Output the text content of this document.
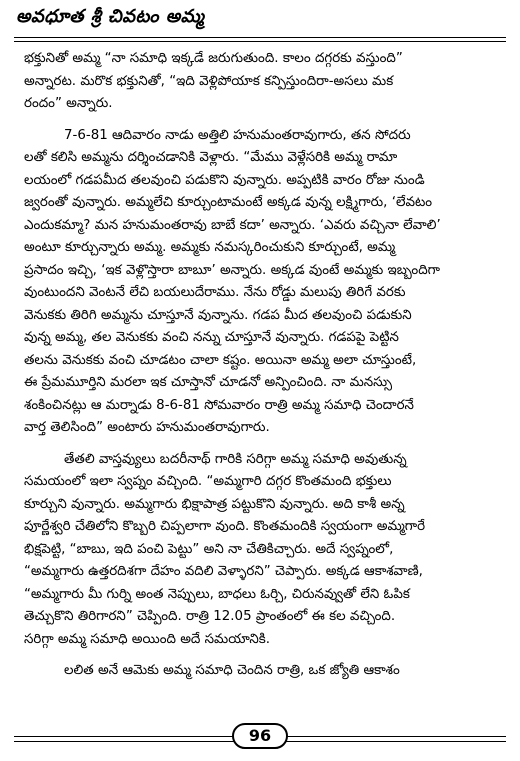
అవధూత శ్రీ చివటం అమ్మ

భక్తునితో అమ్మ “నా సమాధి ఇక్కడే జరుగుతుంది. కాలం దగ్గరకు వస్తుంది”
అన్నారట. మరొక భక్తునితో, “ఇది వెళ్లిపోయాక కన్పిస్తుందిరా-అసలు మక
రందం” అన్నారు.

7-6-81 ఆదివారం నాడు అత్తిలి హనుమంతరావుగారు, తన సోదరు
లతో కలిసి అమ్మను దర్శించడానికి వెళ్లారు. “మేము వెళ్లేసరికి అమ్మ రామా
లయంలో గడపమీద తలవుంచి పడుకొని వున్నారు. అప్పటికి వారం రోజు నుండి
జ్వరంతో వున్నారు. అమ్మలేచి కూర్చుంటామంటే అక్కడ వున్న లక్ష్మిగారు, ‘లేవటం
ఎందుకమ్మా? మన హనుమంతరావు బాబే కదా’ అన్నారు. ‘ఎవరు వచ్చినా లేవాలి’
అంటూ కూర్చున్నారు అమ్మ. అమ్మకు నమస్కరించుకుని కూర్చుంటే, అమ్మ
ప్రసాదం ఇచ్చి, ‘ఇక వెళ్లొస్తారా బాబూ’ అన్నారు. అక్కడ వుంటే అమ్మకు ఇబ్బందిగా
వుంటుందని వెంటనే లేచి బయలుదేరాము. నేను రోడ్డు మలుపు తిరిగే వరకు
వెనుకకు తిరిగి అమ్మను చూస్తూనే వున్నాను. గడప మీద తలవుంచి పడుకుని
వున్న అమ్మ, తల వెనుకకు వంచి నన్ను చూస్తూనే వున్నారు. గడపపై పెట్టిన
తలను వెనుకకు వంచి చూడటం చాలా కష్టం. అయినా అమ్మ అలా చూస్తుంటే,
ఈ ప్రేమమూర్తిని మరలా ఇక చూస్తానో చూడనో అన్పించింది. నా మనస్సు
శంకించినట్లు ఆ మర్నాడు 8-6-81 సోమవారం రాత్రి అమ్మ సమాధి చెందారనే
వార్త తెలిసింది” అంటారు హనుమంతరావుగారు.

తేతలి వాస్తవ్యులు బదరీనాథ్ గారికి సరిగ్గా అమ్మ సమాధి అవుతున్న
సమయంలో ఇలా స్వప్నం వచ్చింది. “అమ్మగారి దగ్గర కొంతమంది భక్తులు
కూర్చుని వున్నారు. అమ్మగారు భిక్షాపాత్ర పట్టుకొని వున్నారు. అది కాశీ అన్న
పూర్ణేశ్వరి చేతిలోని కొబ్బరి చిప్పలాగా వుంది. కొంతమందికి స్వయంగా అమ్మగారే
భిక్షపెట్టి, “బాబు, ఇది పంచి పెట్టు” అని నా చేతికిచ్చారు. అదే స్వప్నంలో,
“అమ్మగారు ఉత్తరదిశగా దేహం వదిలి వెళ్ళారని” చెప్పారు. అక్కడ ఆకాశవాణి,
“అమ్మగారు మీ గుర్ని అంత నెప్పులు, బాధలు ఓర్చి, చిరునవ్వుతో లేని ఓపిక
తెచ్చుకొని తిరిగారని” చెప్పింది. రాత్రి 12.05 ప్రాంతంలో ఈ కల వచ్చింది.
సరిగ్గా అమ్మ సమాధి అయింది అదే సమయానికి.

లలిత అనే ఆమెకు అమ్మ సమాధి చెందిన రాత్రి, ఒక జ్యోతి ఆకాశం

96
